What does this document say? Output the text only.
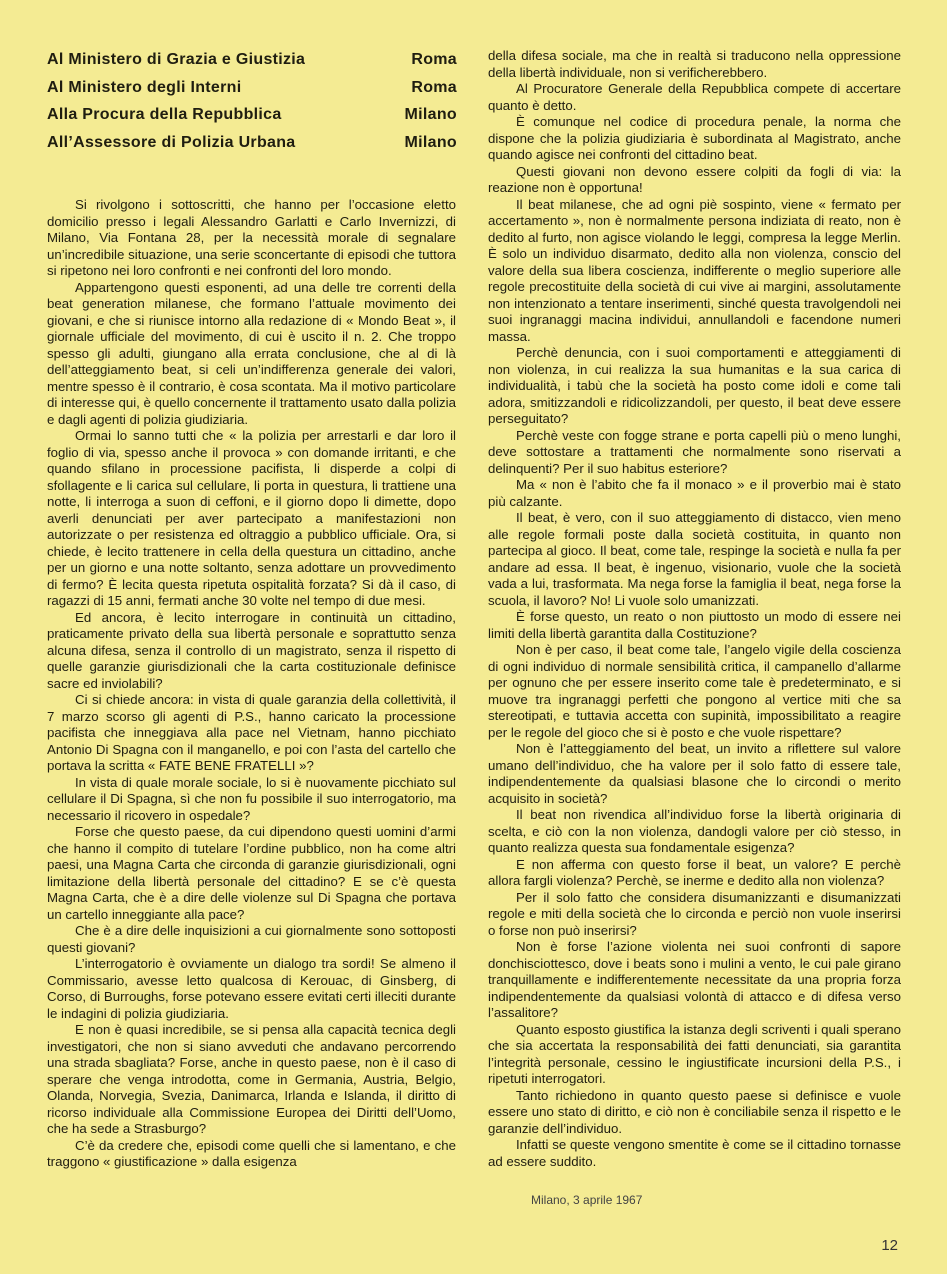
Al Ministero di Grazia e Giustizia	Roma
Al Ministero degli Interni	Roma
Alla Procura della Repubblica	Milano
All’Assessore di Polizia Urbana	Milano

Si rivolgono i sottoscritti, che hanno per l’occasione eletto domicilio presso i legali Alessandro Garlatti e Carlo Invernizzi, di Milano, Via Fontana 28, per la necessità morale di segnalare un’incredibile situazione, una serie sconcertante di episodi che tuttora si ripetono nei loro confronti e nei confronti del loro mondo.

Appartengono questi esponenti, ad una delle tre correnti della beat generation milanese, che formano l’attuale movimento dei giovani, e che si riunisce intorno alla redazione di « Mondo Beat », il giornale ufficiale del movimento, di cui è uscito il n. 2. Che troppo spesso gli adulti, giungano alla errata conclusione, che al di là dell’atteggiamento beat, si celi un’indifferenza generale dei valori, mentre spesso è il contrario, è cosa scontata. Ma il motivo particolare di interesse qui, è quello concernente il trattamento usato dalla polizia e dagli agenti di polizia giudiziaria.

Ormai lo sanno tutti che « la polizia per arrestarli e dar loro il foglio di via, spesso anche il provoca » con domande irritanti, e che quando sfilano in processione pacifista, li disperde a colpi di sfollagente e li carica sul cellulare, li porta in questura, li trattiene una notte, li interroga a suon di ceffoni, e il giorno dopo li dimette, dopo averli denunciati per aver partecipato a manifestazioni non autorizzate o per resistenza ed oltraggio a pubblico ufficiale. Ora, si chiede, è lecito trattenere in cella della questura un cittadino, anche per un giorno e una notte soltanto, senza adottare un provvedimento di fermo? È lecita questa ripetuta ospitalità forzata? Si dà il caso, di ragazzi di 15 anni, fermati anche 30 volte nel tempo di due mesi.

Ed ancora, è lecito interrogare in continuità un cittadino, praticamente privato della sua libertà personale e soprattutto senza alcuna difesa, senza il controllo di un magistrato, senza il rispetto di quelle garanzie giurisdizionali che la carta costituzionale definisce sacre ed inviolabili?

Ci si chiede ancora: in vista di quale garanzia della collettività, il 7 marzo scorso gli agenti di P.S., hanno caricato la processione pacifista che inneggiava alla pace nel Vietnam, hanno picchiato Antonio Di Spagna con il manganello, e poi con l’asta del cartello che portava la scritta « FATE BENE FRATELLI »?

In vista di quale morale sociale, lo si è nuovamente picchiato sul cellulare il Di Spagna, sì che non fu possibile il suo interrogatorio, ma necessario il ricovero in ospedale?

Forse che questo paese, da cui dipendono questi uomini d’armi che hanno il compito di tutelare l’ordine pubblico, non ha come altri paesi, una Magna Carta che circonda di garanzie giurisdizionali, ogni limitazione della libertà personale del cittadino? E se c’è questa Magna Carta, che è a dire delle violenze sul Di Spagna che portava un cartello inneggiante alla pace?

Che è a dire delle inquisizioni a cui giornalmente sono sottoposti questi giovani?

L’interrogatorio è ovviamente un dialogo tra sordi! Se almeno il Commissario, avesse letto qualcosa di Kerouac, di Ginsberg, di Corso, di Burroughs, forse potevano essere evitati certi illeciti durante le indagini di polizia giudiziaria.

E non è quasi incredibile, se si pensa alla capacità tecnica degli investigatori, che non si siano avveduti che andavano percorrendo una strada sbagliata? Forse, anche in questo paese, non è il caso di sperare che venga introdotta, come in Germania, Austria, Belgio, Olanda, Norvegia, Svezia, Danimarca, Irlanda e Islanda, il diritto di ricorso individuale alla Commissione Europea dei Diritti dell’Uomo, che ha sede a Strasburgo?

C’è da credere che, episodi come quelli che si lamentano, e che traggono « giustificazione » dalla esigenza

della difesa sociale, ma che in realtà si traducono nella oppressione della libertà individuale, non si verificherebbero.

Al Procuratore Generale della Repubblica compete di accertare quanto è detto.

È comunque nel codice di procedura penale, la norma che dispone che la polizia giudiziaria è subordinata al Magistrato, anche quando agisce nei confronti del cittadino beat.

Questi giovani non devono essere colpiti da fogli di via: la reazione non è opportuna!

Il beat milanese, che ad ogni piè sospinto, viene « fermato per accertamento », non è normalmente persona indiziata di reato, non è dedito al furto, non agisce violando le leggi, compresa la legge Merlin. È solo un individuo disarmato, dedito alla non violenza, conscio del valore della sua libera coscienza, indifferente o meglio superiore alle regole precostituite della società di cui vive ai margini, assolutamente non intenzionato a tentare inserimenti, sinché questa travolgendoli nei suoi ingranaggi macina individui, annullandoli e facendone numeri massa.

Perchè denuncia, con i suoi comportamenti e atteggiamenti di non violenza, in cui realizza la sua humanitas e la sua carica di individualità, i tabù che la società ha posto come idoli e come tali adora, smitizzandoli e ridicolizzandoli, per questo, il beat deve essere perseguitato?

Perchè veste con fogge strane e porta capelli più o meno lunghi, deve sottostare a trattamenti che normalmente sono riservati a delinquenti? Per il suo habitus esteriore?

Ma « non è l’abito che fa il monaco » e il proverbio mai è stato più calzante.

Il beat, è vero, con il suo atteggiamento di distacco, vien meno alle regole formali poste dalla società costituita, in quanto non partecipa al gioco. Il beat, come tale, respinge la società e nulla fa per andare ad essa. Il beat, è ingenuo, visionario, vuole che la società vada a lui, trasformata. Ma nega forse la famiglia il beat, nega forse la scuola, il lavoro? No! Li vuole solo umanizzati.

È forse questo, un reato o non piuttosto un modo di essere nei limiti della libertà garantita dalla Costituzione?

Non è per caso, il beat come tale, l’angelo vigile della coscienza di ogni individuo di normale sensibilità critica, il campanello d’allarme per ognuno che per essere inserito come tale è predeterminato, e si muove tra ingranaggi perfetti che pongono al vertice miti che sa stereotipati, e tuttavia accetta con supinità, impossibilitato a reagire per le regole del gioco che si è posto e che vuole rispettare?

Non è l’atteggiamento del beat, un invito a riflettere sul valore umano dell’individuo, che ha valore per il solo fatto di essere tale, indipendentemente da qualsiasi blasone che lo circondi o merito acquisito in società?

Il beat non rivendica all’individuo forse la libertà originaria di scelta, e ciò con la non violenza, dandogli valore per ciò stesso, in quanto realizza questa sua fondamentale esigenza?

E non afferma con questo forse il beat, un valore? E perchè allora fargli violenza? Perchè, se inerme e dedito alla non violenza?

Per il solo fatto che considera disumanizzanti e disumanizzati regole e miti della società che lo circonda e perciò non vuole inserirsi o forse non può inserirsi?

Non è forse l’azione violenta nei suoi confronti di sapore donchisciottesco, dove i beats sono i mulini a vento, le cui pale girano tranquillamente e indifferentemente necessitate da una propria forza indipendentemente da qualsiasi volontà di attacco e di difesa verso l’assalitore?

Quanto esposto giustifica la istanza degli scriventi i quali sperano che sia accertata la responsabilità dei fatti denunciati, sia garantita l’integrità personale, cessino le ingiustificate incursioni della P.S., i ripetuti interrogatori.

Tanto richiedono in quanto questo paese si definisce e vuole essere uno stato di diritto, e ciò non è conciliabile senza il rispetto e le garanzie dell’individuo.

Infatti se queste vengono smentite è come se il cittadino tornasse ad essere suddito.

Milano, 3 aprile 1967
12
